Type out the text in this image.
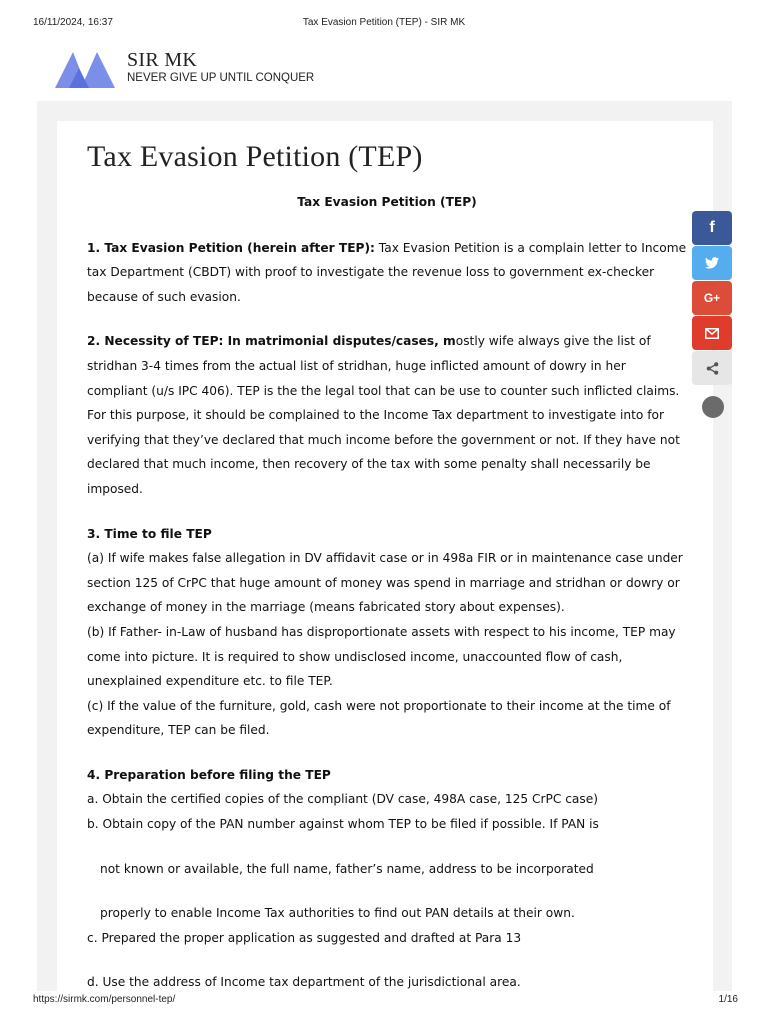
16/11/2024, 16:37	Tax Evasion Petition (TEP) - SIR MK
SIR MK
NEVER GIVE UP UNTIL CONQUER
Tax Evasion Petition (TEP)

Tax Evasion Petition (TEP)

1. Tax Evasion Petition (herein after TEP): Tax Evasion Petition is a complain letter to Income tax Department (CBDT) with proof to investigate the revenue loss to government ex-checker because of such evasion.

2. Necessity of TEP: In matrimonial disputes/cases, mostly wife always give the list of stridhan 3-4 times from the actual list of stridhan, huge inflicted amount of dowry in her compliant (u/s IPC 406). TEP is the the legal tool that can be use to counter such inflicted claims. For this purpose, it should be complained to the Income Tax department to investigate into for verifying that they’ve declared that much income before the government or not. If they have not declared that much income, then recovery of the tax with some penalty shall necessarily be imposed.

3. Time to file TEP

(a) If wife makes false allegation in DV affidavit case or in 498a FIR or in maintenance case under section 125 of CrPC that huge amount of money was spend in marriage and stridhan or dowry or exchange of money in the marriage (means fabricated story about expenses).

(b) If Father- in-Law of husband has disproportionate assets with respect to his income, TEP may come into picture. It is required to show undisclosed income, unaccounted flow of cash, unexplained expenditure etc. to file TEP.

(c) If the value of the furniture, gold, cash were not proportionate to their income at the time of expenditure, TEP can be filed.

4. Preparation before filing the TEP

a. Obtain the certified copies of the compliant (DV case, 498A case, 125 CrPC case)

b. Obtain copy of the PAN number against whom TEP to be filed if possible. If PAN is

not known or available, the full name, father’s name, address to be incorporated

properly to enable Income Tax authorities to find out PAN details at their own.

c. Prepared the proper application as suggested and drafted at Para 13

d. Use the address of Income tax department of the jurisdictional area.

f
G+
https://sirmk.com/personnel-tep/	1/16
